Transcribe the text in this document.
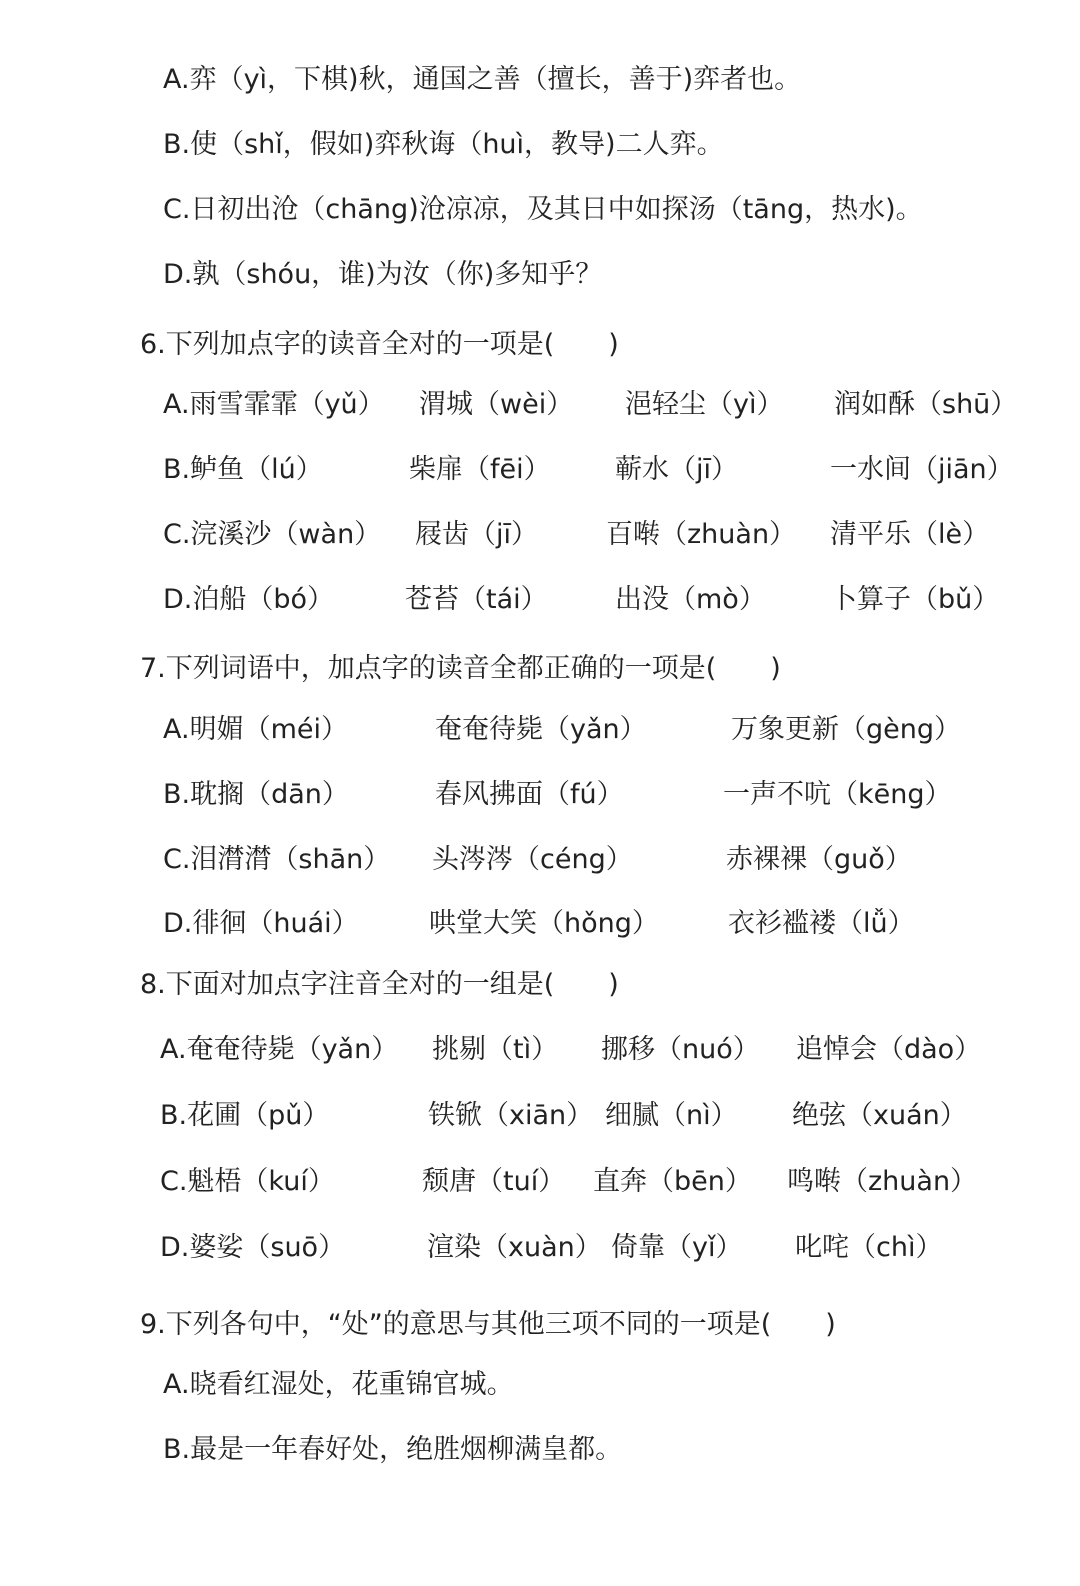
A.弈（yì，下棋)秋，通国之善（擅长，善于)弈者也。
B.使（shǐ，假如)弈秋诲（huì，教导)二人弈。
C.日初出沧（chāng)沧凉凉，及其日中如探汤（tāng，热水)。
D.孰（shóu，谁)为汝（你)多知乎？
6.下列加点字的读音全对的一项是(　　)
A.雨雪霏霏（yǔ） 渭城（wèi） 浥轻尘（yì） 润如酥（shū）
B.鲈鱼（lú）	柴扉（fēi） 蕲水（jī）	一水间（jiān）
C.浣溪沙（wàn） 屐齿（jī）	百啭（zhuàn） 清平乐（lè）
D.泊船（bó）	苍苔（tái） 出没（mò） 卜算子（bǔ）
7.下列词语中，加点字的读音全都正确的一项是(　　)
A.明媚（méi）	奄奄待毙（yǎn）	万象更新（gèng）
B.耽搁（dān）	春风拂面（fú）	一声不吭（kēng）
C.泪潸潸（shān） 头涔涔（céng）	赤裸裸（guǒ）
D.徘徊（huái）	哄堂大笑（hǒng）	衣衫褴褛（lǚ）
8.下面对加点字注音全对的一组是(　　)
A.奄奄待毙（yǎn） 挑剔（tì） 挪移（nuó） 追悼会（dào）
B.花圃（pǔ）	铁锨（xiān） 细腻（nì） 绝弦（xuán）
C.魁梧（kuí）	颓唐（tuí） 直奔（bēn） 鸣啭（zhuàn）
D.婆娑（suō）	渲染（xuàn） 倚靠（yǐ） 叱咤（chì）
9.下列各句中，“处”的意思与其他三项不同的一项是(　　)
A.晓看红湿处，花重锦官城。
B.最是一年春好处，绝胜烟柳满皇都。
